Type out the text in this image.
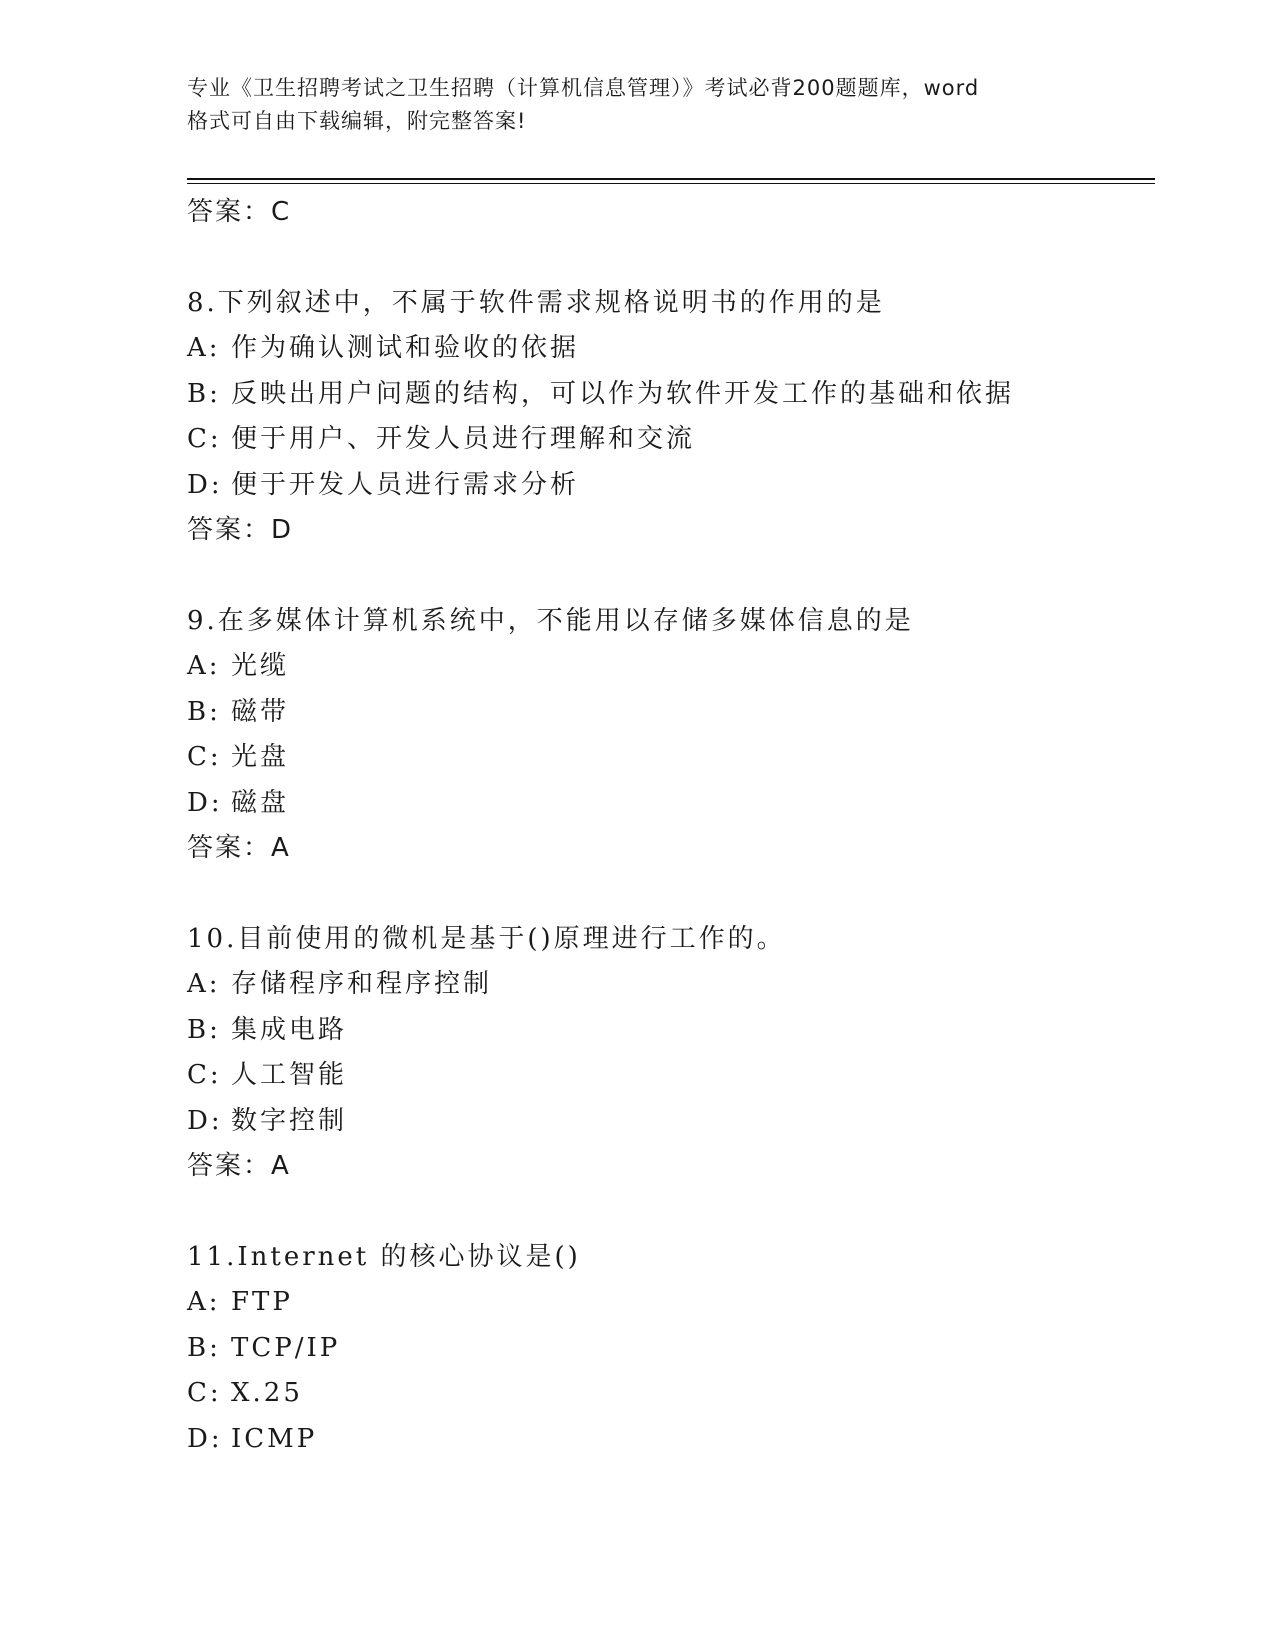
专业《卫生招聘考试之卫生招聘（计算机信息管理）》考试必背200题题库，word
格式可自由下载编辑，附完整答案!
答案：C
8.下列叙述中，不属于软件需求规格说明书的作用的是
A: 作为确认测试和验收的依据
B: 反映出用户问题的结构，可以作为软件开发工作的基础和依据
C: 便于用户、开发人员进行理解和交流
D: 便于开发人员进行需求分析
答案：D
9.在多媒体计算机系统中，不能用以存储多媒体信息的是
A: 光缆
B: 磁带
C: 光盘
D: 磁盘
答案：A
10.目前使用的微机是基于()原理进行工作的。
A: 存储程序和程序控制
B: 集成电路
C: 人工智能
D: 数字控制
答案：A
11.Internet 的核心协议是()
A: FTP
B: TCP/IP
C: X.25
D: ICMP
